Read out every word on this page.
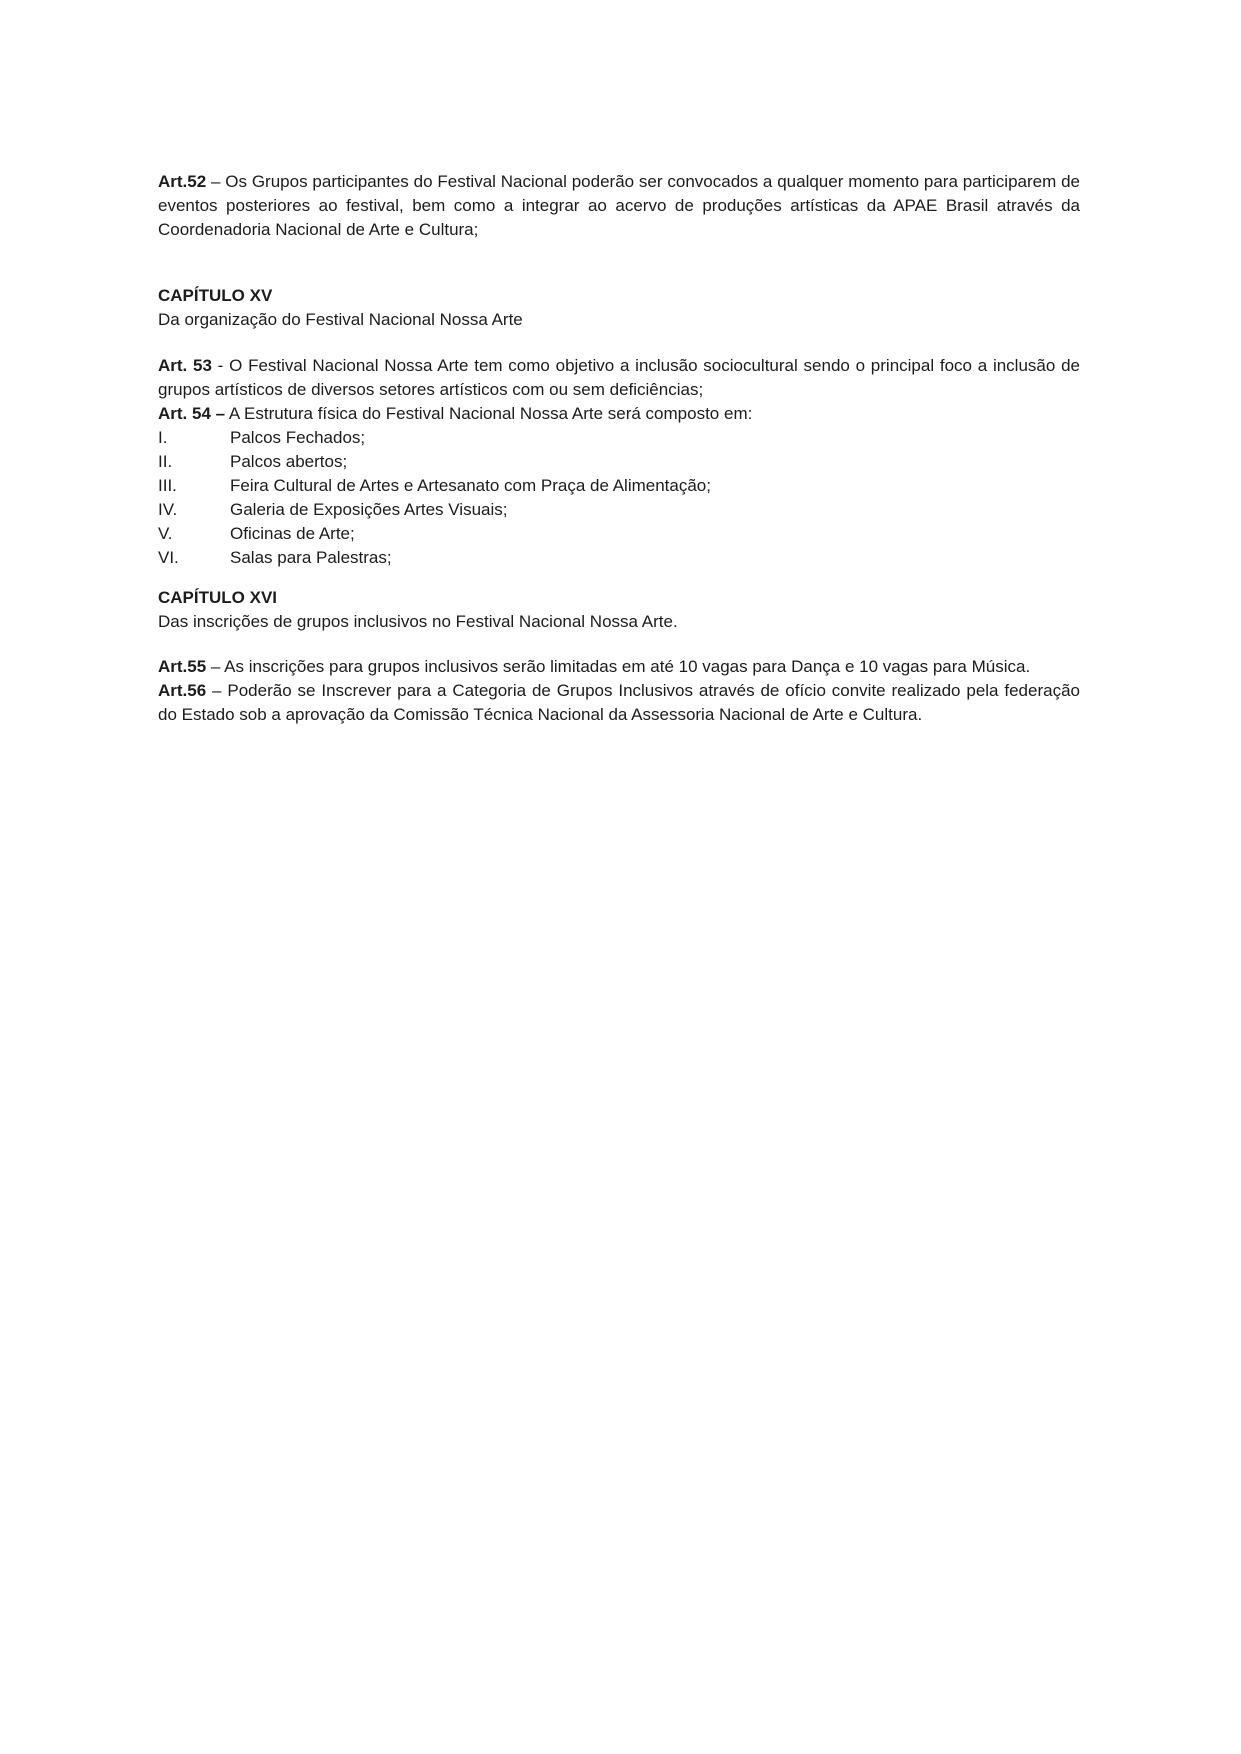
Art.52 – Os Grupos participantes do Festival Nacional poderão ser convocados a qualquer momento para participarem de eventos posteriores ao festival, bem como a integrar ao acervo de produções artísticas da APAE Brasil através da Coordenadoria Nacional de Arte e Cultura;

CAPÍTULO XV

Da organização do Festival Nacional Nossa Arte

Art. 53 - O Festival Nacional Nossa Arte tem como objetivo a inclusão sociocultural sendo o principal foco a inclusão de grupos artísticos de diversos setores artísticos com ou sem deficiências;

Art. 54 – A Estrutura física do Festival Nacional Nossa Arte será composto em:

I.	Palcos Fechados;
II.	Palcos abertos;
III.	Feira Cultural de Artes e Artesanato com Praça de Alimentação;
IV.	Galeria de Exposições Artes Visuais;
V.	Oficinas de Arte;
VI.	Salas para Palestras;

CAPÍTULO XVI

Das inscrições de grupos inclusivos no Festival Nacional Nossa Arte.

Art.55 – As inscrições para grupos inclusivos serão limitadas em até 10 vagas para Dança e 10 vagas para Música.

Art.56 – Poderão se Inscrever para a Categoria de Grupos Inclusivos através de ofício convite realizado pela federação do Estado sob a aprovação da Comissão Técnica Nacional da Assessoria Nacional de Arte e Cultura.
